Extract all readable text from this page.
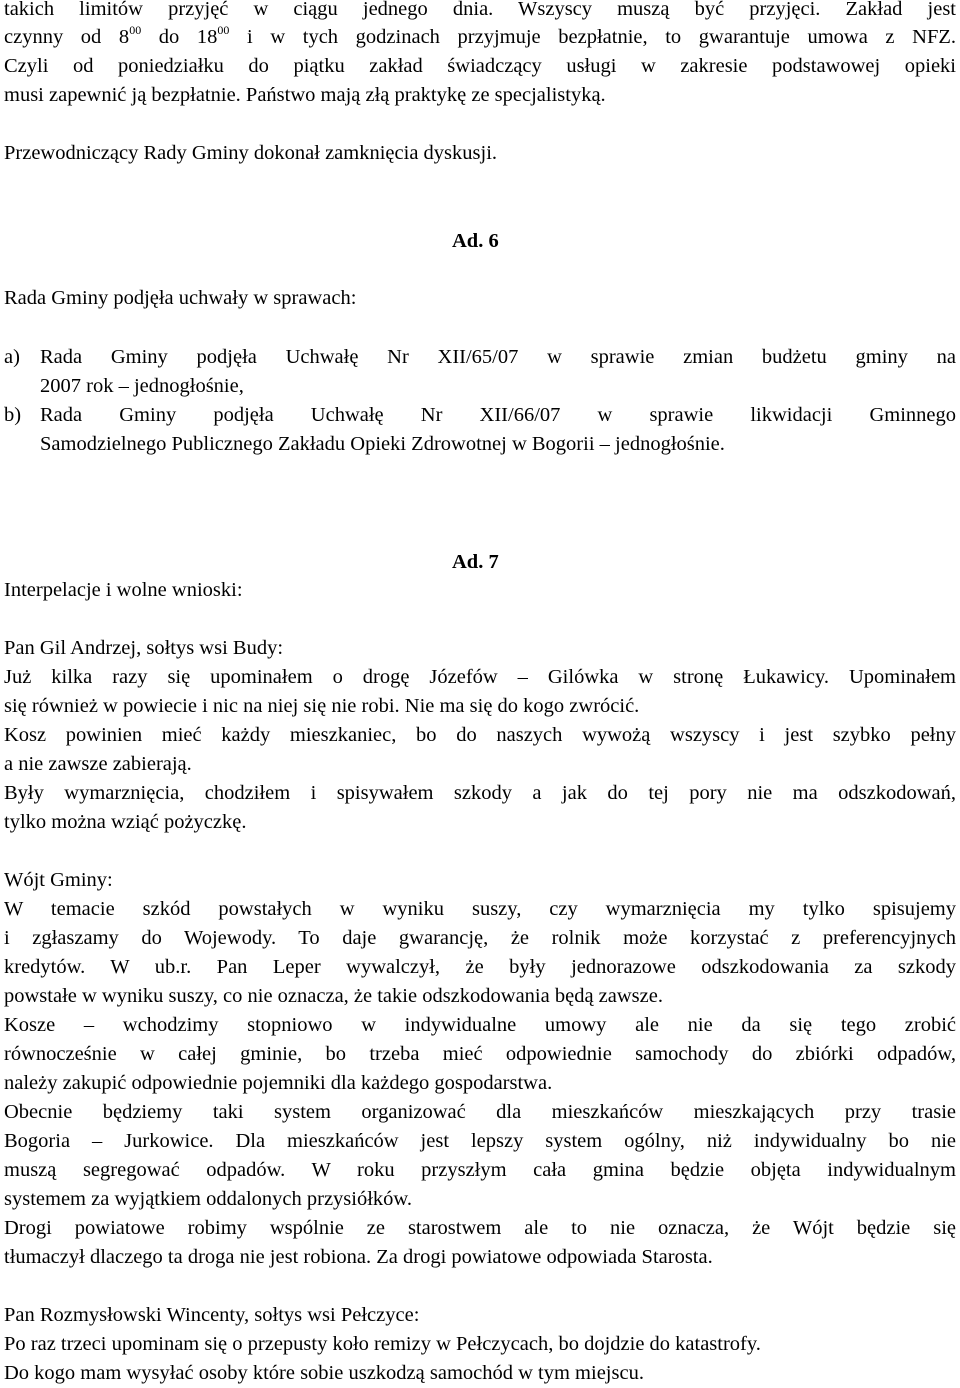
takich limitów przyjęć w ciągu jednego dnia. Wszyscy muszą być przyjęci. Zakład jest
czynny od $8^{00}$ do $18^{00}$ i w tych godzinach przyjmuje bezpłatnie, to gwarantuje umowa z NFZ.
Czyli od poniedziałku do piątku zakład świadczący usługi w zakresie podstawowej opieki
musi zapewnić ją bezpłatnie. Państwo mają złą praktykę ze specjalistyką.
Przewodniczący Rady Gminy dokonał zamknięcia dyskusji.
Ad. 6
Rada Gminy podjęła uchwały w sprawach:
a) Rada Gminy podjęła Uchwałę Nr XII/65/07 w sprawie zmian budżetu gminy na
2007 rok – jednogłośnie,
b) Rada Gminy podjęła Uchwałę Nr XII/66/07 w sprawie likwidacji Gminnego
Samodzielnego Publicznego Zakładu Opieki Zdrowotnej w Bogorii – jednogłośnie.
Ad. 7
Interpelacje i wolne wnioski:
Pan Gil Andrzej, sołtys wsi Budy:
Już kilka razy się upominałem o drogę Józefów – Gilówka w stronę Łukawicy. Upominałem
się również w powiecie i nic na niej się nie robi. Nie ma się do kogo zwrócić.
Kosz powinien mieć każdy mieszkaniec, bo do naszych wywożą wszyscy i jest szybko pełny
a nie zawsze zabierają.
Były wymarznięcia, chodziłem i spisywałem szkody a jak do tej pory nie ma odszkodowań,
tylko można wziąć pożyczkę.
Wójt Gminy:
W temacie szkód powstałych w wyniku suszy, czy wymarznięcia my tylko spisujemy
i zgłaszamy do Wojewody. To daje gwarancję, że rolnik może korzystać z preferencyjnych
kredytów. W ub.r. Pan Leper wywalczył, że były jednorazowe odszkodowania za szkody
powstałe w wyniku suszy, co nie oznacza, że takie odszkodowania będą zawsze.
Kosze – wchodzimy stopniowo w indywidualne umowy ale nie da się tego zrobić
równocześnie w całej gminie, bo trzeba mieć odpowiednie samochody do zbiórki odpadów,
należy zakupić odpowiednie pojemniki dla każdego gospodarstwa.
Obecnie będziemy taki system organizować dla mieszkańców mieszkających przy trasie
Bogoria – Jurkowice. Dla mieszkańców jest lepszy system ogólny, niż indywidualny bo nie
muszą segregować odpadów. W roku przyszłym cała gmina będzie objęta indywidualnym
systemem za wyjątkiem oddalonych przysiółków.
Drogi powiatowe robimy wspólnie ze starostwem ale to nie oznacza, że Wójt będzie się
tłumaczył dlaczego ta droga nie jest robiona. Za drogi powiatowe odpowiada Starosta.
Pan Rozmysłowski Wincenty, sołtys wsi Pełczyce:
Po raz trzeci upominam się o przepusty koło remizy w Pełczycach, bo dojdzie do katastrofy.
Do kogo mam wysyłać osoby które sobie uszkodzą samochód w tym miejscu.
